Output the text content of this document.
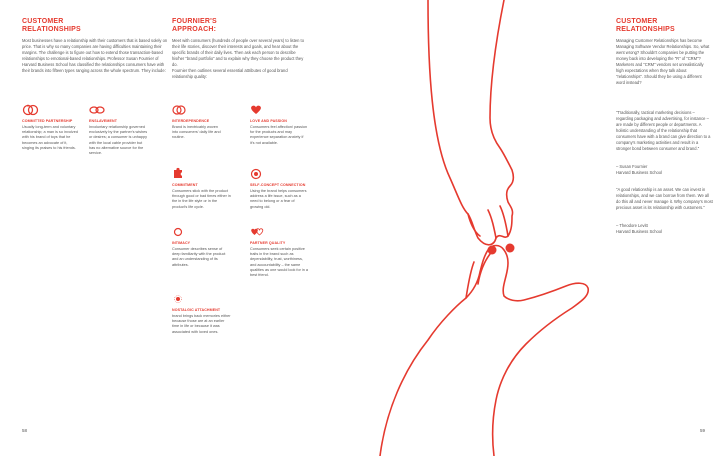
CUSTOMER
RELATIONSHIPS
Most businesses have a relationship with their customers that is based solely on price. That is why so many companies are having difficulties maintaining their margins. The challenge is to figure out how to extend those transaction-based relationships to emotional-based relationships. Professor Susan Fournier of Harvard Business School has classified the relationships consumers have with their brands into fifteen types ranging across the whole spectrum. They include:
COMMITTED PARTNERSHIP
Usually long-term and voluntary relationship; a man is so involved with his brand of toys that he becomes an advocate of it, singing its praises to his friends.
ENSLAVEMENT
Involuntary relationship governed exclusively by the partner's wishes or desires; a consumer is unhappy with the local cable provider but has no alternative source for the service.
58
FOURNIER'S
APPROACH:
Meet with consumers (hundreds of people over several years) to listen to their life stories, discover their interests and goals, and hear about the specific brands of their daily lives. Then ask each person to describe his/her "brand portfolio" and to explain why they choose the product they do.
Fournier then outlines several essential attributes of good brand relationship quality:
INTERDEPENDENCE
Brand is inextricably woven into consumers' daily life and routine.
LOVE AND PASSION
Consumers feel affection/ passion for the products and may experience separation anxiety if it's not available.
COMMITMENT
Consumers stick with the product through good or bad times either in the in the life style or in the product's life cycle.
SELF-CONCEPT CONNECTION
Using the brand helps consumers address a life issue, such as a need to belong or a fear of growing old.
INTIMACY
Consumer describes sense of deep familiarity with the product and an understanding of its attributes.
PARTNER QUALITY
Consumers seek certain positive traits in the brand such as dependability, trust, worthiness, and accountability – the same qualities as one would look for in a best friend.
NOSTALGIC ATTACHMENT
brand brings back memories either because those are at an earlier time in life or because it was associated with loved ones.
CUSTOMER
RELATIONSHIPS
Managing Customer Relationships has become Managing Software Vendor Relationships. So, what went wrong? Shouldn't companies be putting the money back into developing the "R" of "CRM"? Marketers and "CRM" vendors set unrealistically high expectations when they talk about "relationships". Should they be using a different word instead?
"Traditionally, tactical marketing decisions – regarding packaging and advertising, for instance – are made by different people or departments. A holistic understanding of the relationship that consumers have with a brand can give direction to a company's marketing activities and result in a stronger bond between consumer and brand."
– Susan Fournier
Harvard Business School
"A good relationship is an asset. We can invest in relationships, and we can borrow from them. We all do this all and never manage it. Why company's most precious asset is its relationship with customers."
– Theodore Levitt
Harvard Business School
59
